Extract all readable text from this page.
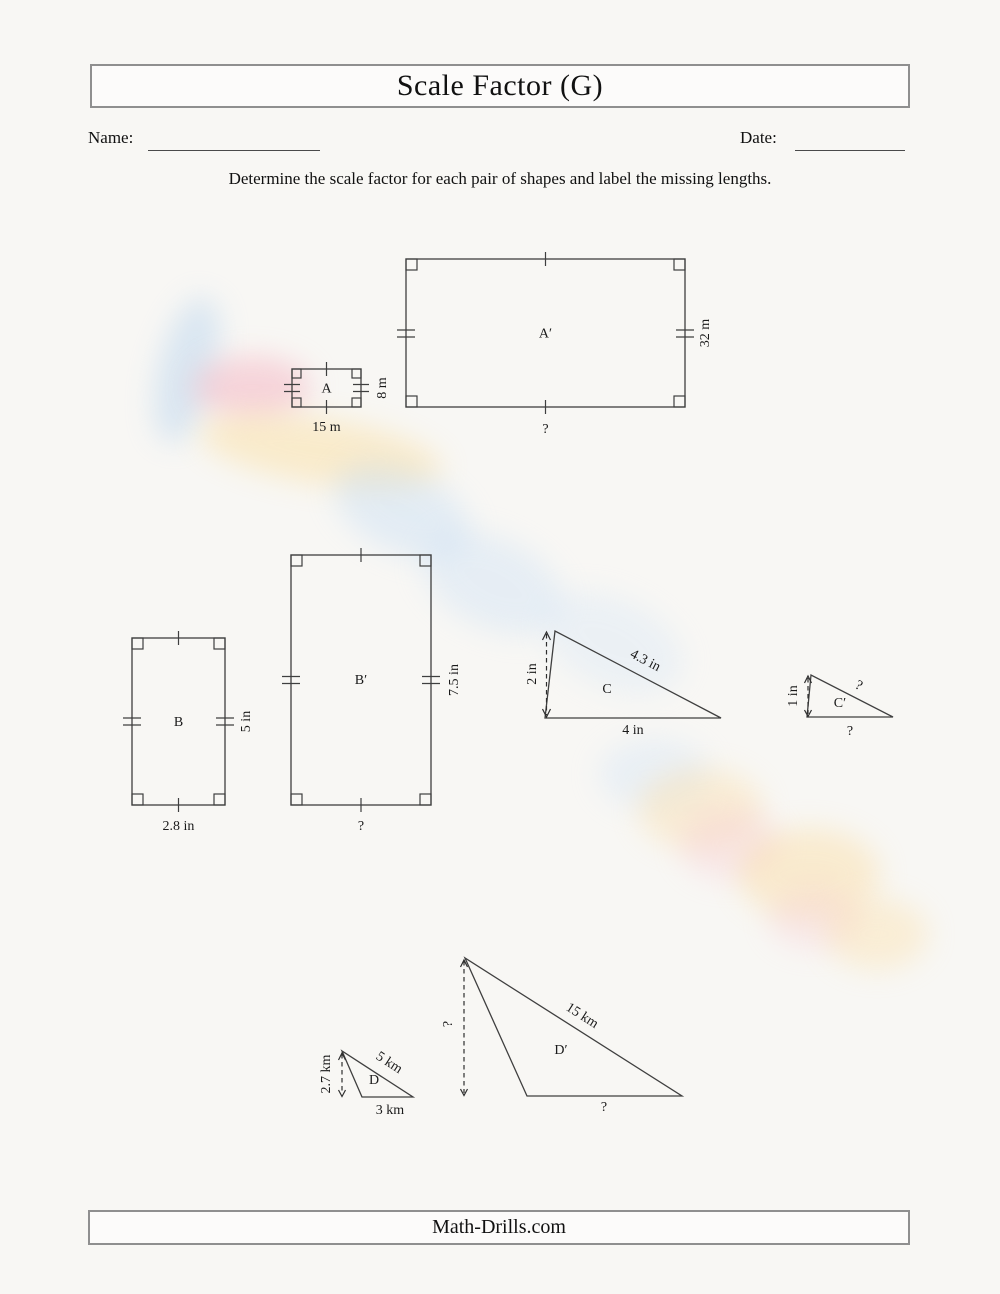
Scale Factor (G)
Name:	Date:
Determine the scale factor for each pair of shapes and label the missing lengths.
A
15 m
8 m
A′
?
32 m
B
2.8 in
5 in
B′
?
7.5 in	2 in	4.3 in
C
4 in
1 in	?
C′
?
2.7 km	5 km
D
3 km
?	15 km
D′
?
Math-Drills.com
